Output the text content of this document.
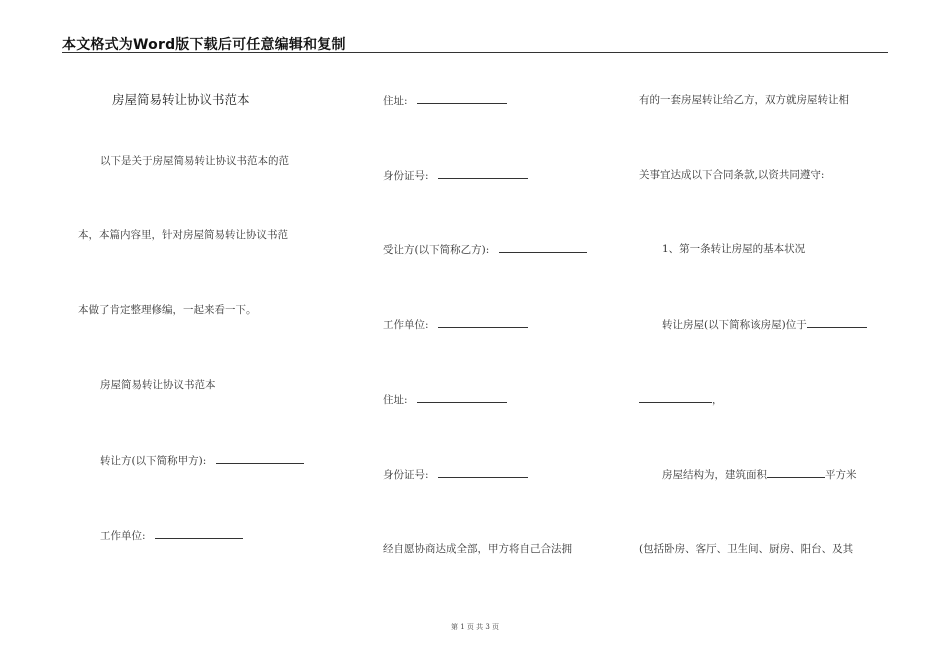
本文格式为Word版下载后可任意编辑和复制
房屋简易转让协议书范本
以下是关于房屋简易转让协议书范本的范
本，本篇内容里，针对房屋简易转让协议书范
本做了肯定整理修编，一起来看一下。
房屋简易转让协议书范本
转让方(以下简称甲方):
工作单位:
住址:
身份证号:
受让方(以下简称乙方):
工作单位:
住址:
身份证号:
经自愿协商达成全部，甲方将自己合法拥
有的一套房屋转让给乙方，双方就房屋转让相
关事宜达成以下合同条款,以资共同遵守:
1、第一条转让房屋的基本状况
转让房屋(以下简称该房屋)位于
，
房屋结构为，建筑面积	平方米
(包括卧房、客厅、卫生间、厨房、阳台、及其
第 1 页 共 3 页
